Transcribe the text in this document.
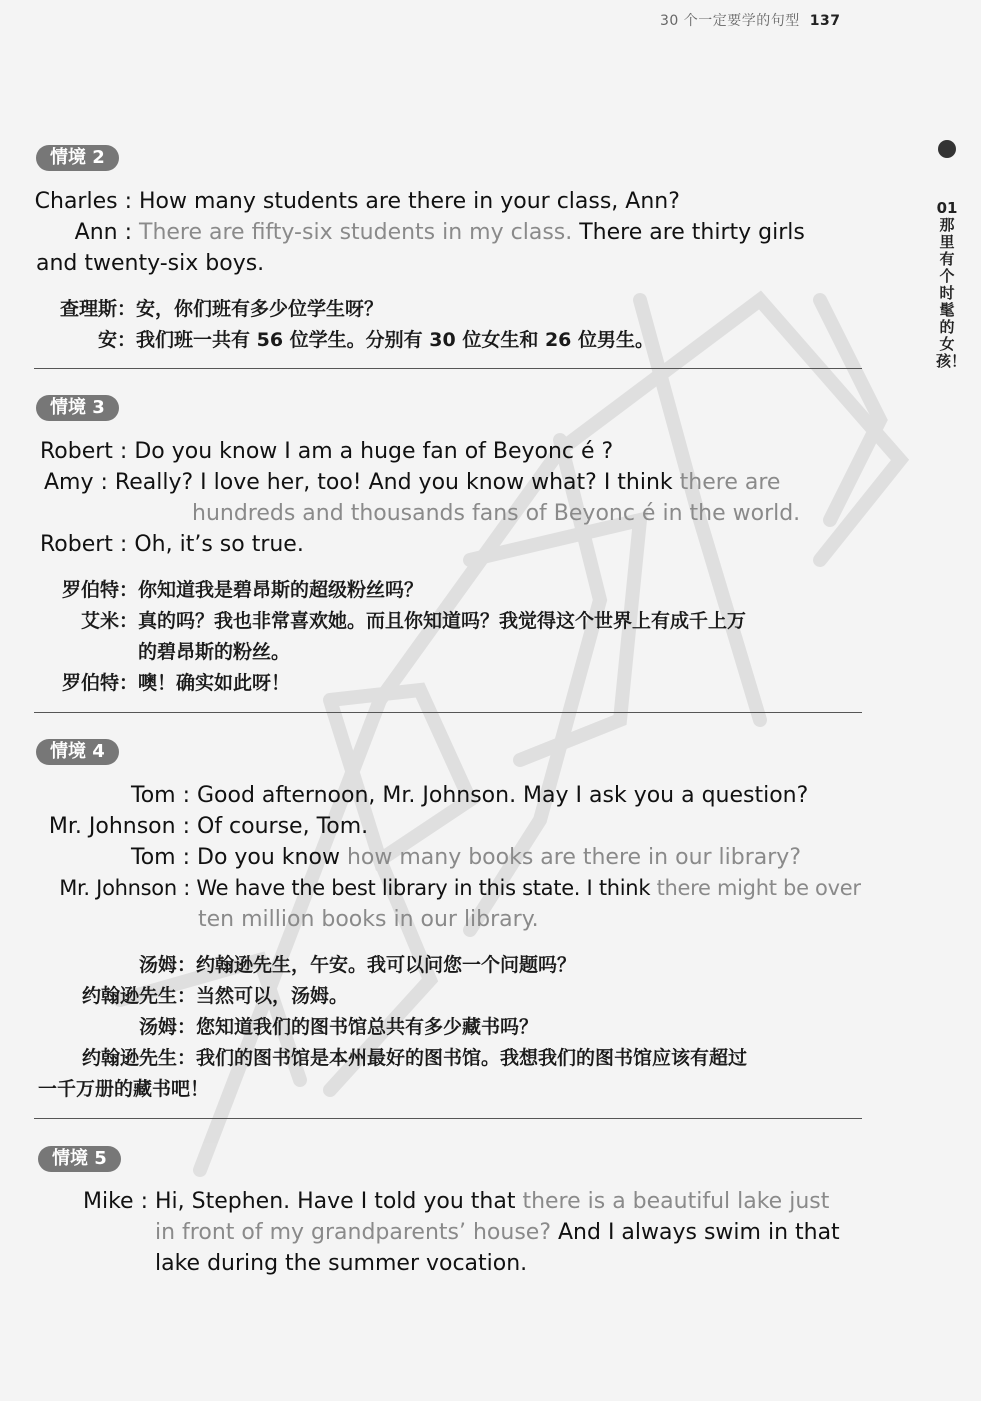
30 个一定要学的句型 137
01
那里有个时髦的女孩！
情境 2
Charles : How many students are there in your class, Ann?
Ann : There are fifty-six students in my class. There are thirty girls
and twenty-six boys.
查理斯：安，你们班有多少位学生呀？
安：我们班一共有 56 位学生。分别有 30 位女生和 26 位男生。
情境 3
Robert : Do you know I am a huge fan of Beyonc é ?
Amy : Really? I love her, too! And you know what? I think there are
hundreds and thousands fans of Beyonc é in the world.
Robert : Oh, it’s so true.
罗伯特：你知道我是碧昂斯的超级粉丝吗？
艾米：真的吗？我也非常喜欢她。而且你知道吗？我觉得这个世界上有成千上万
的碧昂斯的粉丝。
罗伯特：噢！确实如此呀！
情境 4
Tom : Good afternoon, Mr. Johnson. May I ask you a question?
Mr. Johnson : Of course, Tom.
Tom : Do you know how many books are there in our library?
Mr. Johnson : We have the best library in this state. I think there might be over
ten million books in our library.
汤姆：约翰逊先生，午安。我可以问您一个问题吗？
约翰逊先生：当然可以，汤姆。
汤姆：您知道我们的图书馆总共有多少藏书吗？
约翰逊先生：我们的图书馆是本州最好的图书馆。我想我们的图书馆应该有超过
一千万册的藏书吧！
情境 5
Mike : Hi, Stephen. Have I told you that there is a beautiful lake just
in front of my grandparents’ house? And I always swim in that
lake during the summer vocation.
